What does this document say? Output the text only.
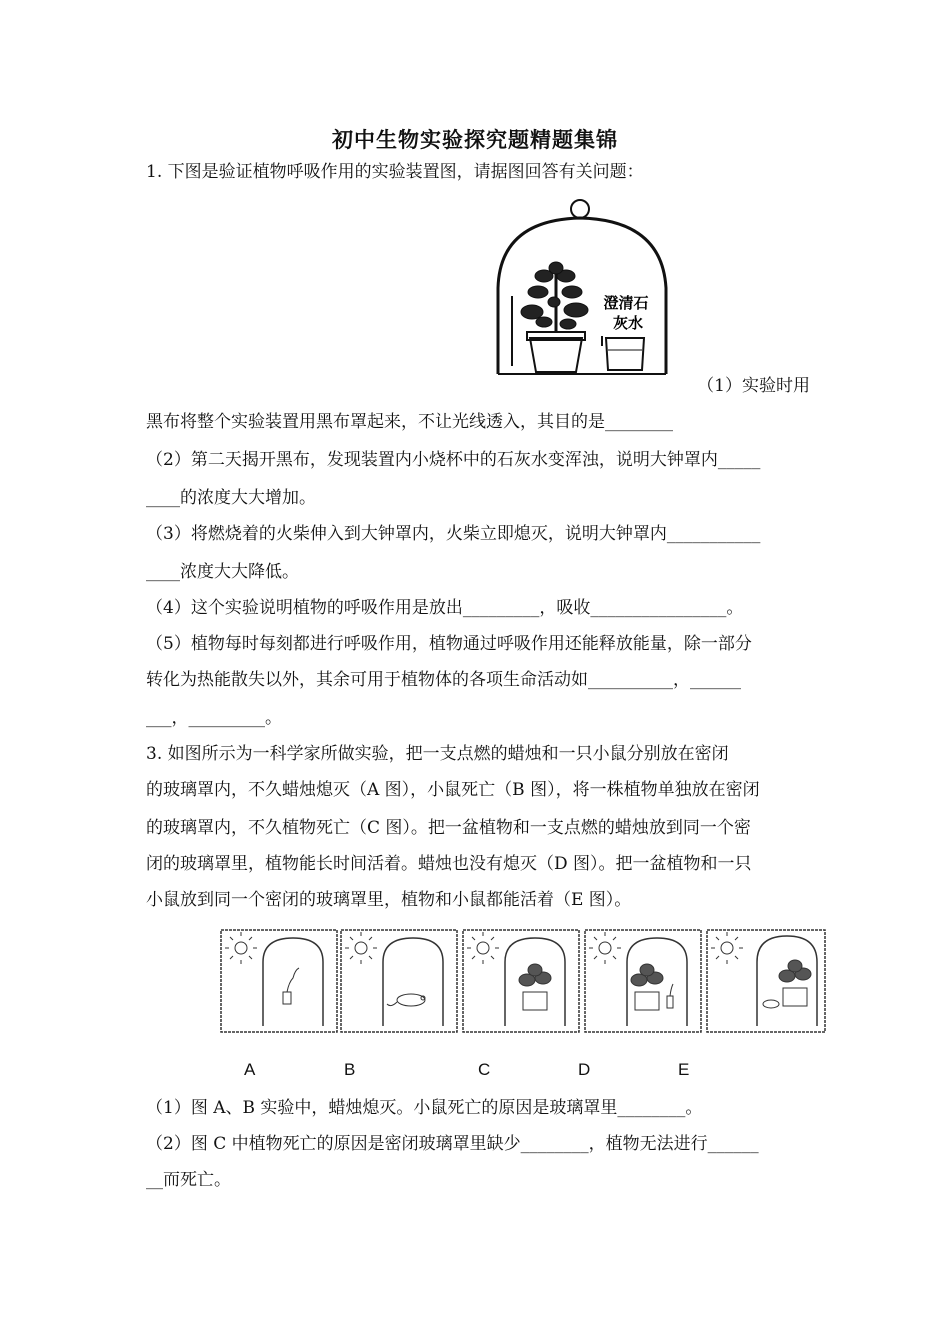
初中生物实验探究题精题集锦
1. 下图是验证植物呼吸作用的实验装置图，请据图回答有关问题：
澄清石
灰水
（1）实验时用
黑布将整个实验装置用黑布罩起来，不让光线透入，其目的是________
（2）第二天揭开黑布，发现装置内小烧杯中的石灰水变浑浊，说明大钟罩内_____
____的浓度大大增加。
（3）将燃烧着的火柴伸入到大钟罩内，火柴立即熄灭，说明大钟罩内___________
____浓度大大降低。
（4）这个实验说明植物的呼吸作用是放出_________，吸收________________。
（5）植物每时每刻都进行呼吸作用，植物通过呼吸作用还能释放能量，除一部分
转化为热能散失以外，其余可用于植物体的各项生命活动如__________，______
___，_________。
3. 如图所示为一科学家所做实验，把一支点燃的蜡烛和一只小鼠分别放在密闭
的玻璃罩内，不久蜡烛熄灭（A 图），小鼠死亡（B 图），将一株植物单独放在密闭
的玻璃罩内，不久植物死亡（C 图）。把一盆植物和一支点燃的蜡烛放到同一个密
闭的玻璃罩里，植物能长时间活着。蜡烛也没有熄灭（D 图）。把一盆植物和一只
小鼠放到同一个密闭的玻璃罩里，植物和小鼠都能活着（E 图）。
A	B	C	D	E
（1）图 A、B 实验中，蜡烛熄灭。小鼠死亡的原因是玻璃罩里________。
（2）图 C 中植物死亡的原因是密闭玻璃罩里缺少________，植物无法进行______
__而死亡。
